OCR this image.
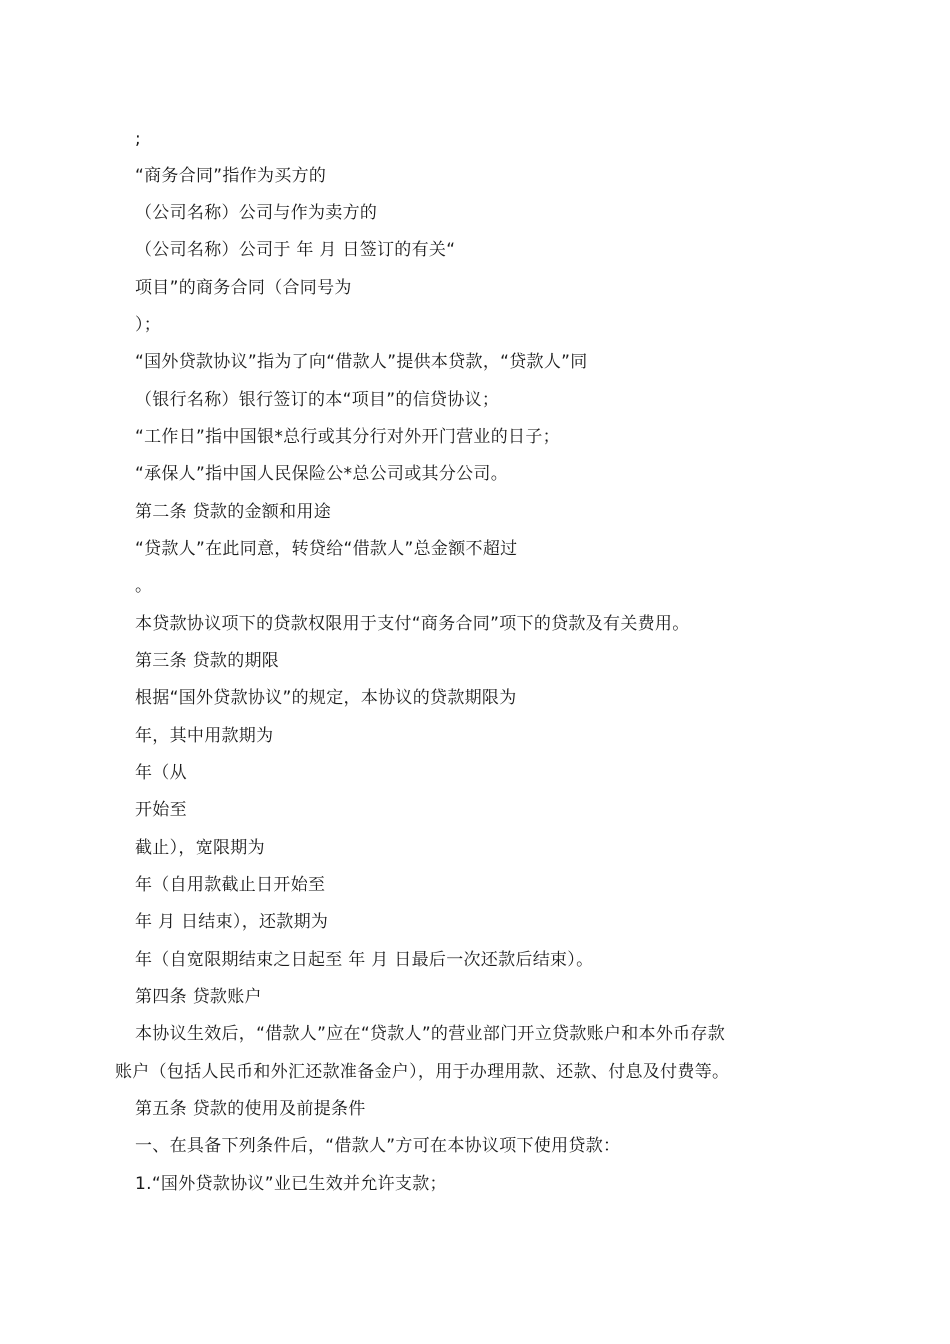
;
“商务合同”指作为买方的
（公司名称）公司与作为卖方的
（公司名称）公司于 年 月 日签订的有关“
项目”的商务合同（合同号为
）；
“国外贷款协议”指为了向“借款人”提供本贷款，“贷款人”同
（银行名称）银行签订的本“项目”的信贷协议；
“工作日”指中国银*总行或其分行对外开门营业的日子；
“承保人”指中国人民保险公*总公司或其分公司。
第二条 贷款的金额和用途
“贷款人”在此同意，转贷给“借款人”总金额不超过
。
本贷款协议项下的贷款权限用于支付“商务合同”项下的贷款及有关费用。
第三条 贷款的期限
根据“国外贷款协议”的规定，本协议的贷款期限为
年，其中用款期为
年（从
开始至
截止），宽限期为
年（自用款截止日开始至
年 月 日结束），还款期为
年（自宽限期结束之日起至 年 月 日最后一次还款后结束）。
第四条 贷款账户
本协议生效后，“借款人”应在“贷款人”的营业部门开立贷款账户和本外币存款
账户（包括人民币和外汇还款准备金户），用于办理用款、还款、付息及付费等。
第五条 贷款的使用及前提条件
一、在具备下列条件后，“借款人”方可在本协议项下使用贷款：
1.“国外贷款协议”业已生效并允许支款；
